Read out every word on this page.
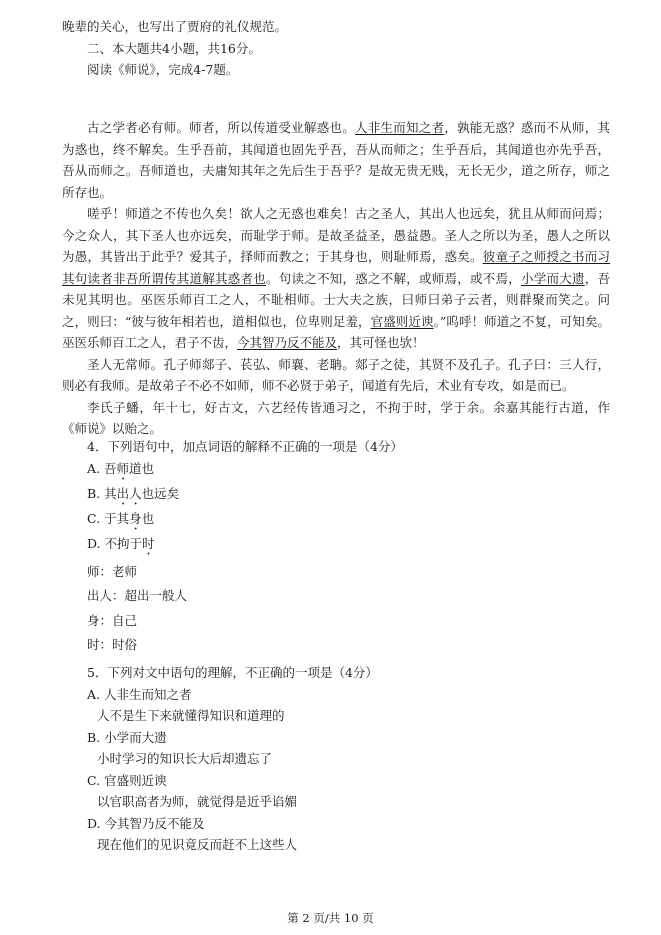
晚辈的关心，也写出了贾府的礼仪规范。

二、本大题共4小题，共16分。

阅读《师说》，完成4-7题。

古之学者必有师。师者，所以传道受业解惑也。人非生而知之者，孰能无惑？惑而不从师，其为惑也，终不解矣。生乎吾前，其闻道也固先乎吾，吾从而师之；生乎吾后，其闻道也亦先乎吾，吾从而师之。吾师道也，夫庸知其年之先后生于吾乎？是故无贵无贱，无长无少，道之所存，师之所存也。

嗟乎！师道之不传也久矣！欲人之无惑也难矣！古之圣人，其出人也远矣，犹且从师而问焉；今之众人，其下圣人也亦远矣，而耻学于师。是故圣益圣，愚益愚。圣人之所以为圣，愚人之所以为愚，其皆出于此乎？爱其子，择师而教之；于其身也，则耻师焉，惑矣。彼童子之师授之书而习其句读者非吾所谓传其道解其惑者也。句读之不知，惑之不解，或师焉，或不焉，小学而大遗，吾未见其明也。巫医乐师百工之人，不耻相师。士大夫之族，曰师曰弟子云者，则群聚而笑之。问之，则曰：“彼与彼年相若也，道相似也，位卑则足羞，官盛则近谀。”呜呼！师道之不复，可知矣。巫医乐师百工之人，君子不齿，今其智乃反不能及，其可怪也欤！

圣人无常师。孔子师郯子、苌弘、师襄、老聃。郯子之徒，其贤不及孔子。孔子曰：三人行，则必有我师。是故弟子不必不如师，师不必贤于弟子，闻道有先后，术业有专攻，如是而已。

李氏子蟠，年十七，好古文，六艺经传皆通习之，不拘于时，学于余。余嘉其能行古道，作《师说》以贻之。

4．下列语句中，加点词语的解释不正确的一项是（4分）

A. 吾师道也

B. 其出人也远矣

C. 于其身也

D. 不拘于时

师：老师

出人：超出一般人

身：自己

时：时俗

5．下列对文中语句的理解，不正确的一项是（4分）

A. 人非生而知之者

人不是生下来就懂得知识和道理的

B. 小学而大遗

小时学习的知识长大后却遗忘了

C. 官盛则近谀

以官职高者为师，就觉得是近乎谄媚

D. 今其智乃反不能及

现在他们的见识竟反而赶不上这些人

第 2 页/共 10 页
